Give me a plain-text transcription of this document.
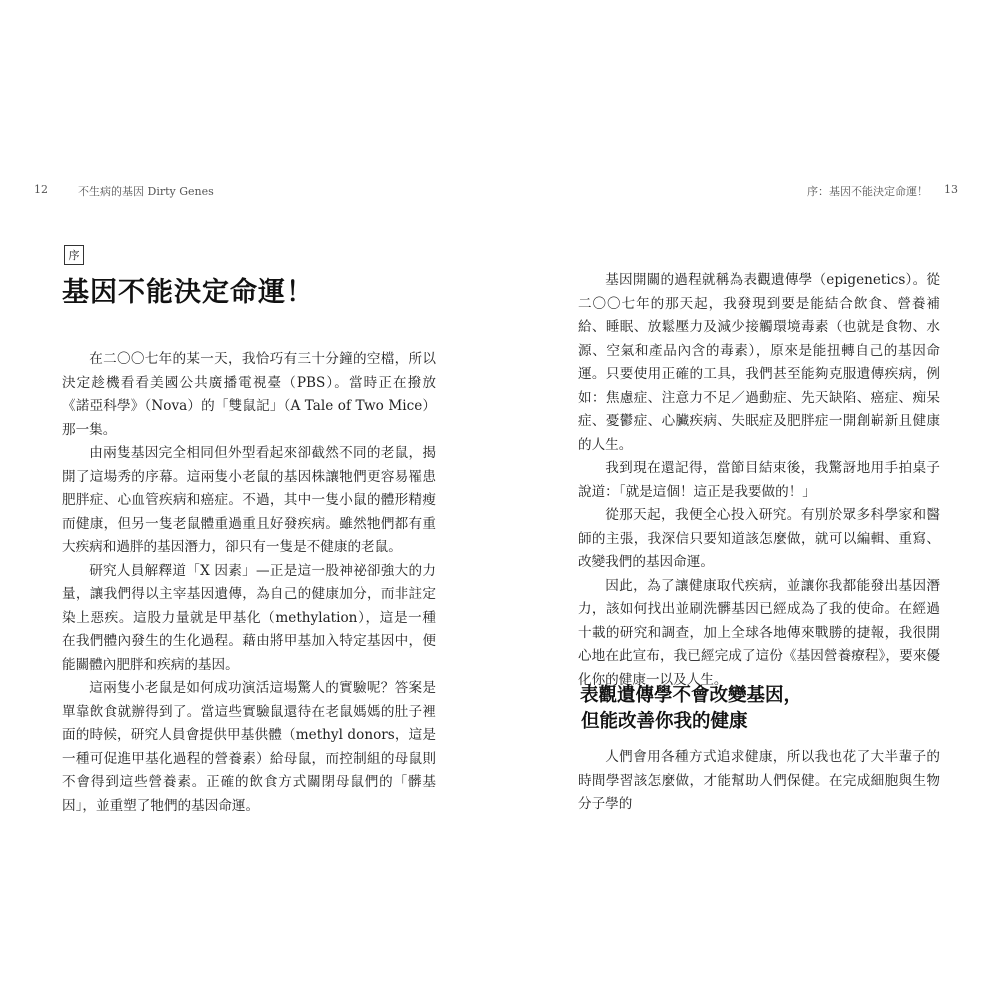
12	不生病的基因 Dirty Genes
序
基因不能決定命運！

在二〇〇七年的某一天，我恰巧有三十分鐘的空檔，所以決定趁機看看美國公共廣播電視臺（PBS）。當時正在撥放《諾亞科學》（Nova）的「雙鼠記」（A Tale of Two Mice）那一集。

由兩隻基因完全相同但外型看起來卻截然不同的老鼠，揭開了這場秀的序幕。這兩隻小老鼠的基因株讓牠們更容易罹患肥胖症、心血管疾病和癌症。不過，其中一隻小鼠的體形精瘦而健康，但另一隻老鼠體重過重且好發疾病。雖然牠們都有重大疾病和過胖的基因潛力，卻只有一隻是不健康的老鼠。

研究人員解釋道「X 因素」—正是這一股神祕卻強大的力量，讓我們得以主宰基因遺傳，為自己的健康加分，而非註定染上惡疾。這股力量就是甲基化（methylation），這是一種在我們體內發生的生化過程。藉由將甲基加入特定基因中，便能關體內肥胖和疾病的基因。

這兩隻小老鼠是如何成功演活這場驚人的實驗呢？答案是單靠飲食就辦得到了。當這些實驗鼠還待在老鼠媽媽的肚子裡面的時候，研究人員會提供甲基供體（methyl donors，這是一種可促進甲基化過程的營養素）給母鼠，而控制組的母鼠則不會得到這些營養素。正確的飲食方式關閉母鼠們的「髒基因」，並重塑了牠們的基因命運。

序：基因不能決定命運！ 13

基因開關的過程就稱為表觀遺傳學（epigenetics）。從二〇〇七年的那天起，我發現到要是能結合飲食、營養補給、睡眠、放鬆壓力及減少接觸環境毒素（也就是食物、水源、空氣和產品內含的毒素），原來是能扭轉自己的基因命運。只要使用正確的工具，我們甚至能夠克服遺傳疾病，例如：焦慮症、注意力不足／過動症、先天缺陷、癌症、痴呆症、憂鬱症、心臟疾病、失眠症及肥胖症一開創嶄新且健康的人生。

我到現在還記得，當節目結束後，我驚訝地用手拍桌子說道：「就是這個！這正是我要做的！」

從那天起，我便全心投入研究。有別於眾多科學家和醫師的主張，我深信只要知道該怎麼做，就可以編輯、重寫、改變我們的基因命運。

因此，為了讓健康取代疾病，並讓你我都能發出基因潛力，該如何找出並刷洗髒基因已經成為了我的使命。在經過十載的研究和調查，加上全球各地傳來戰勝的捷報，我很開心地在此宣布，我已經完成了這份《基因營養療程》，要來優化你的健康一以及人生。

表觀遺傳學不會改變基因，
但能改善你我的健康

人們會用各種方式追求健康，所以我也花了大半輩子的時間學習該怎麼做，才能幫助人們保健。在完成細胞與生物分子學的
